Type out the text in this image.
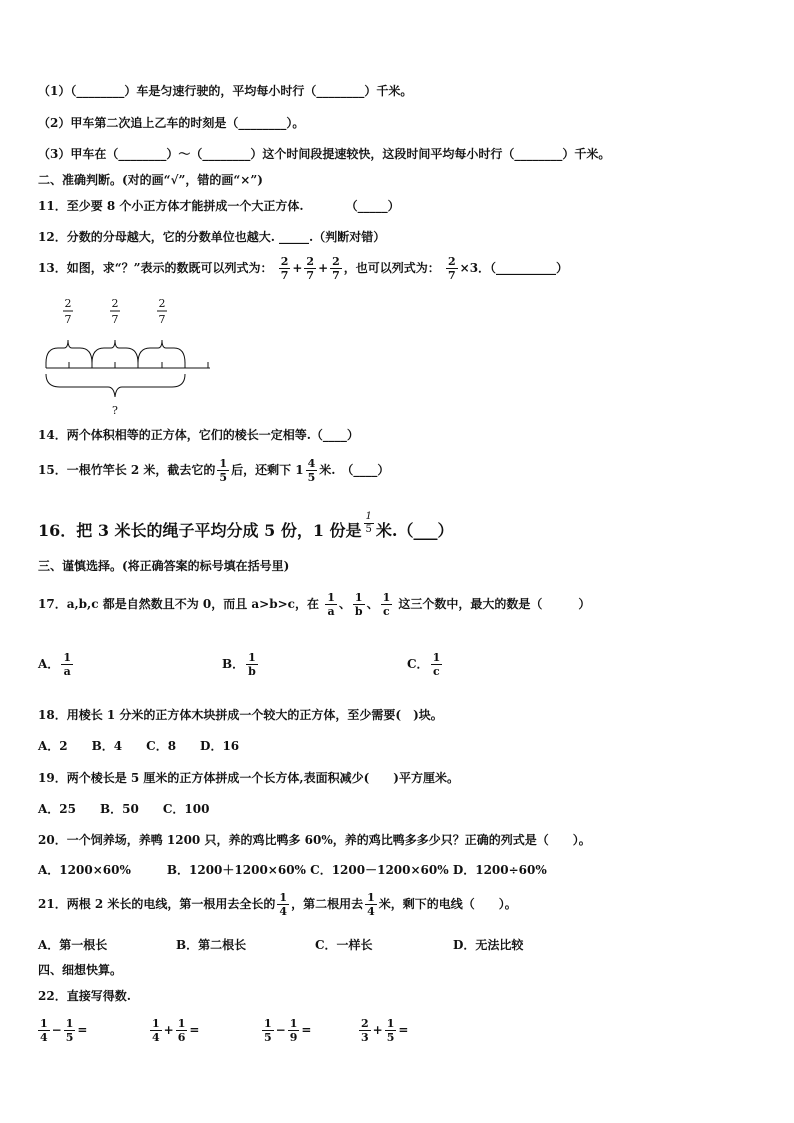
（1）（________）车是匀速行驶的，平均每小时行（________）千米。
（2）甲车第二次追上乙车的时刻是（________）。
（3）甲车在（________）～（________）这个时间段提速较快，这段时间平均每小时行（________）千米。
二、准确判断。(对的画“√”，错的画“×”)
11．至少要 8 个小正方体才能拼成一个大正方体.　　　　（_____）
12．分数的分母越大，它的分数单位也越大. _____.（判断对错）
13．如图，求“？”表示的数既可以列式为： $\frac{2}{7} + \frac{2}{7} + \frac{2}{7}$ ，也可以列式为： $\frac{2}{7} \times 3$．（__________）
2
7
2
7
2
7
?
14．两个体积相等的正方体，它们的棱长一定相等.（____）
15．一根竹竿长 2 米，截去它的 $\frac{1}{5}$ 后，还剩下 $1 \frac{4}{5}$ 米.　（____）
16．把 3 米长的绳子平均分成 5 份，1 份是 $\frac{1}{5}$ 米.（___）
三、谨慎选择。(将正确答案的标号填在括号里)
17．a,b,c 都是自然数且不为 0，而且 a>b>c，在 $\frac{1}{a}$ 、 $\frac{1}{b}$ 、 $\frac{1}{c}$ 这三个数中，最大的数是（　　　）
A． $\frac{1}{a}$	B． $\frac{1}{b}$	C． $\frac{1}{c}$
18．用棱长 1 分米的正方体木块拼成一个较大的正方体，至少需要(　)块。
A．2　　B．4　　C．8　　D．16
19．两个棱长是 5 厘米的正方体拼成一个长方体,表面积减少(　　)平方厘米。
A．25　　B．50　　C．100
20．一个饲养场，养鸭 1200 只，养的鸡比鸭多 60%，养的鸡比鸭多多少只？正确的列式是（　　）。
A．1200×60%　　　B．1200＋1200×60% C．1200－1200×60% D．1200÷60%
21．两根 2 米长的电线，第一根用去全长的 $\frac{1}{4}$ ，第二根用去 $\frac{1}{4}$ 米，剩下的电线（　　）。
A．第一根长	B．第二根长	C．一样长	D．无法比较
四、细想快算。
22．直接写得数.
$\frac{1}{4} - \frac{1}{5}$ =	$\frac{1}{4} + \frac{1}{6}$ =	$\frac{1}{5} - \frac{1}{9}$ =	$\frac{2}{3} + \frac{1}{5}$ =
